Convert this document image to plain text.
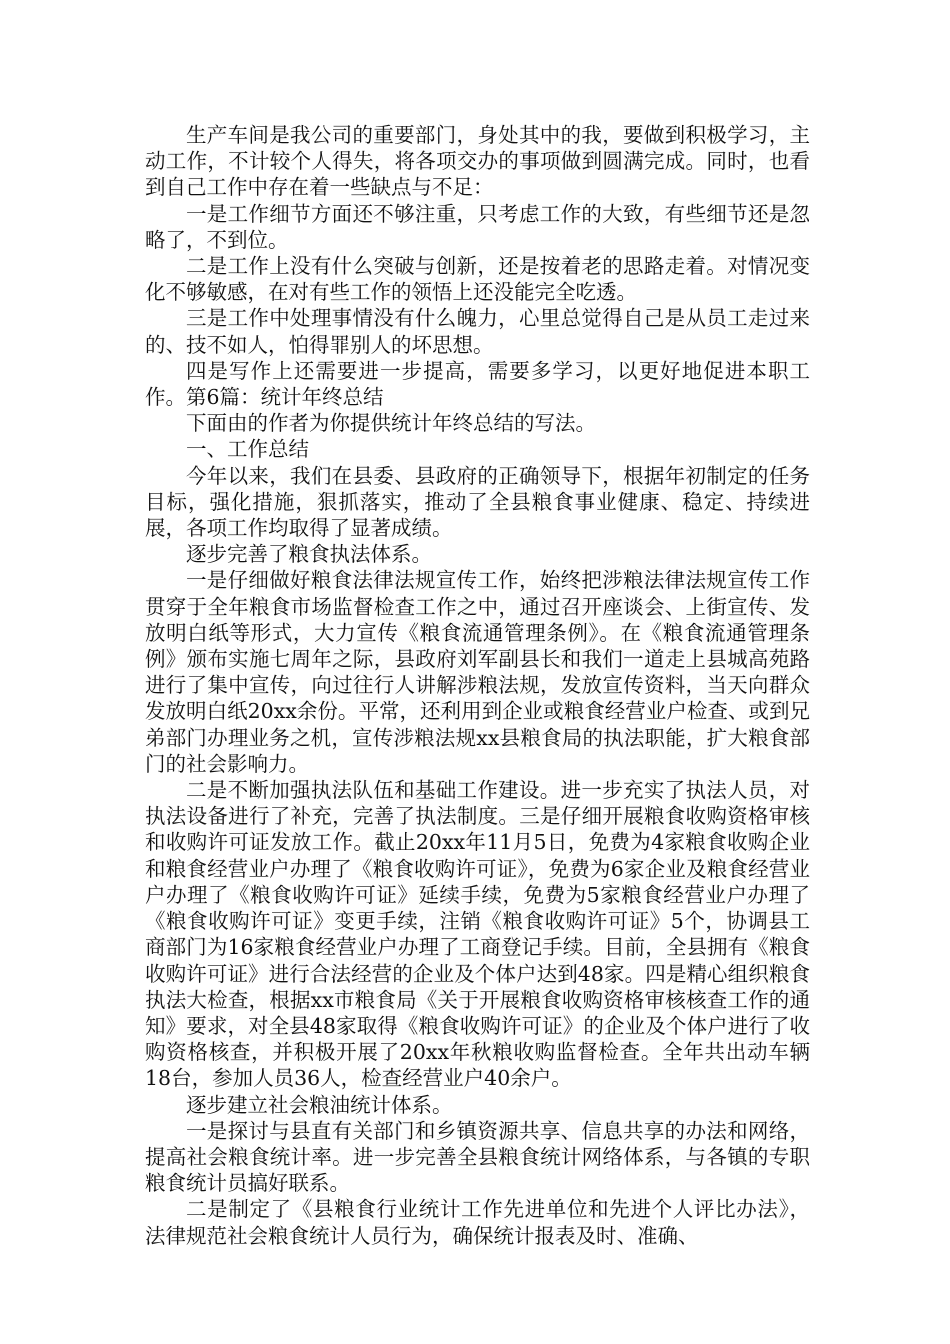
生产车间是我公司的重要部门，身处其中的我，要做到积极学习，主动工作，不计较个人得失，将各项交办的事项做到圆满完成。同时，也看到自己工作中存在着一些缺点与不足：

一是工作细节方面还不够注重，只考虑工作的大致，有些细节还是忽略了，不到位。

二是工作上没有什么突破与创新，还是按着老的思路走着。对情况变化不够敏感，在对有些工作的领悟上还没能完全吃透。

三是工作中处理事情没有什么魄力，心里总觉得自己是从员工走过来的、技不如人，怕得罪别人的坏思想。

四是写作上还需要进一步提高，需要多学习，以更好地促进本职工作。第6篇：统计年终总结

下面由的作者为你提供统计年终总结的写法。

一、工作总结

今年以来，我们在县委、县政府的正确领导下，根据年初制定的任务目标，强化措施，狠抓落实，推动了全县粮食事业健康、稳定、持续进展，各项工作均取得了显著成绩。

逐步完善了粮食执法体系。

一是仔细做好粮食法律法规宣传工作，始终把涉粮法律法规宣传工作贯穿于全年粮食市场监督检查工作之中，通过召开座谈会、上街宣传、发放明白纸等形式，大力宣传《粮食流通管理条例》。在《粮食流通管理条例》颁布实施七周年之际，县政府刘军副县长和我们一道走上县城高苑路进行了集中宣传，向过往行人讲解涉粮法规，发放宣传资料，当天向群众发放明白纸20xx余份。平常，还利用到企业或粮食经营业户检查、或到兄弟部门办理业务之机，宣传涉粮法规xx县粮食局的执法职能，扩大粮食部门的社会影响力。

二是不断加强执法队伍和基础工作建设。进一步充实了执法人员，对执法设备进行了补充，完善了执法制度。三是仔细开展粮食收购资格审核和收购许可证发放工作。截止20xx年11月5日，免费为4家粮食收购企业和粮食经营业户办理了《粮食收购许可证》，免费为6家企业及粮食经营业户办理了《粮食收购许可证》延续手续，免费为5家粮食经营业户办理了《粮食收购许可证》变更手续，注销《粮食收购许可证》5个，协调县工商部门为16家粮食经营业户办理了工商登记手续。目前，全县拥有《粮食收购许可证》进行合法经营的企业及个体户达到48家。四是精心组织粮食执法大检查，根据xx市粮食局《关于开展粮食收购资格审核核查工作的通知》要求，对全县48家取得《粮食收购许可证》的企业及个体户进行了收购资格核查，并积极开展了20xx年秋粮收购监督检查。全年共出动车辆18台，参加人员36人，检查经营业户40余户。

逐步建立社会粮油统计体系。

一是探讨与县直有关部门和乡镇资源共享、信息共享的办法和网络，提高社会粮食统计率。进一步完善全县粮食统计网络体系，与各镇的专职粮食统计员搞好联系。

二是制定了《县粮食行业统计工作先进单位和先进个人评比办法》，法律规范社会粮食统计人员行为，确保统计报表及时、准确、
